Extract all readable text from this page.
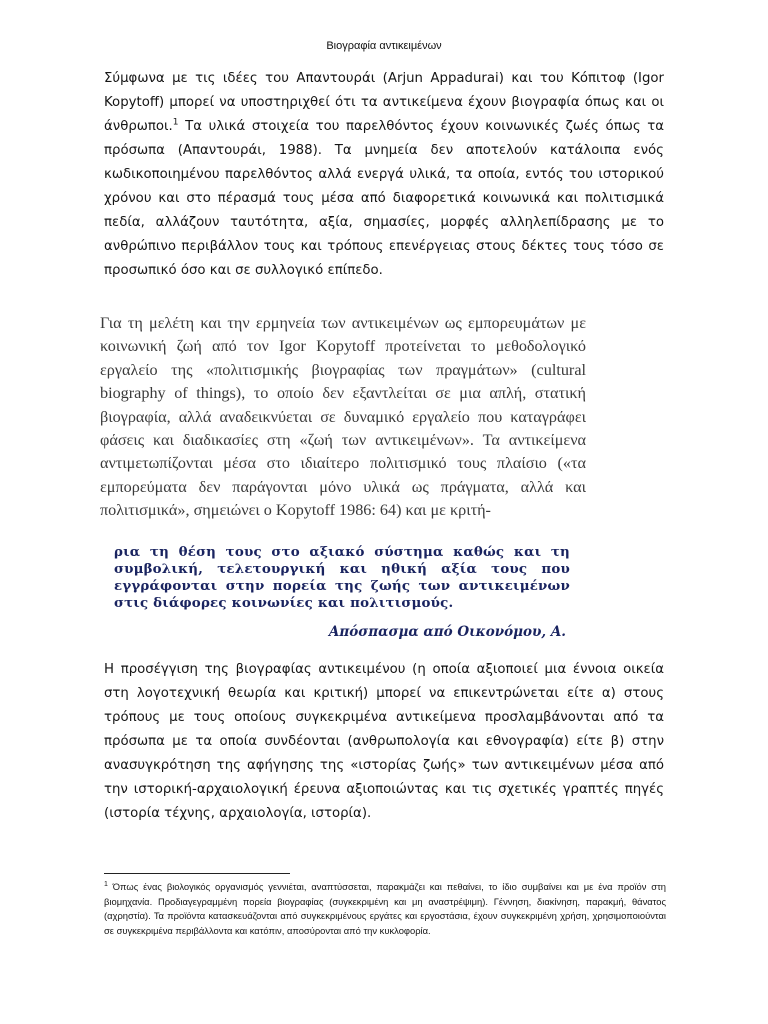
Βιογραφία αντικειμένων

Σύμφωνα με τις ιδέες του Απαντουράι (Arjun Appadurai) και του Κόπιτοφ (Igor Kopytoff) μπορεί να υποστηριχθεί ότι τα αντικείμενα έχουν βιογραφία όπως και οι άνθρωποι.$^1$ Τα υλικά στοιχεία του παρελθόντος έχουν κοινωνικές ζωές όπως τα πρόσωπα (Απαντουράι, 1988). Τα μνημεία δεν αποτελούν κατάλοιπα ενός κωδικοποιημένου παρελθόντος αλλά ενεργά υλικά, τα οποία, εντός του ιστορικού χρόνου και στο πέρασμά τους μέσα από διαφορετικά κοινωνικά και πολιτισμικά πεδία, αλλάζουν ταυτότητα, αξία, σημασίες, μορφές αλληλεπίδρασης με το ανθρώπινο περιβάλλον τους και τρόπους επενέργειας στους δέκτες τους τόσο σε προσωπικό όσο και σε συλλογικό επίπεδο.

Για τη μελέτη και την ερμηνεία των αντικειμένων ως εμπορευμάτων με κοινωνική ζωή από τον Igor Kopytoff προτείνεται το μεθοδολογικό εργαλείο της «πολιτισμικής βιογραφίας των πραγμάτων» (cultural biography of things), το οποίο δεν εξαντλείται σε μια απλή, στατική βιογραφία, αλλά αναδεικνύεται σε δυναμικό εργαλείο που καταγράφει φάσεις και διαδικασίες στη «ζωή των αντικειμένων». Τα αντικείμενα αντιμετωπίζονται μέσα στο ιδιαίτερο πολιτισμικό τους πλαίσιο («τα εμπορεύματα δεν παράγονται μόνο υλικά ως πράγματα, αλλά και πολιτισμικά», σημειώνει ο Kopytoff 1986: 64) και με κριτή-

ρια τη θέση τους στο αξιακό σύστημα καθώς και τη συμβολική, τελετουργική και ηθική αξία τους που εγγράφονται στην πορεία της ζωής των αντικειμένων στις διάφορες κοινωνίες και πολιτισμούς.

Απόσπασμα από Οικονόμου, Α.

Η προσέγγιση της βιογραφίας αντικειμένου (η οποία αξιοποιεί μια έννοια οικεία στη λογοτεχνική θεωρία και κριτική) μπορεί να επικεντρώνεται είτε α) στους τρόπους με τους οποίους συγκεκριμένα αντικείμενα προσλαμβάνονται από τα πρόσωπα με τα οποία συνδέονται (ανθρωπολογία και εθνογραφία) είτε β) στην ανασυγκρότηση της αφήγησης της «ιστορίας ζωής» των αντικειμένων μέσα από την ιστορική-αρχαιολογική έρευνα αξιοποιώντας και τις σχετικές γραπτές πηγές (ιστορία τέχνης, αρχαιολογία, ιστορία).

$^1$ Όπως ένας βιολογικός οργανισμός γεννιέται, αναπτύσσεται, παρακμάζει και πεθαίνει, το ίδιο συμβαίνει και με ένα προϊόν στη βιομηχανία. Προδιαγεγραμμένη πορεία βιογραφίας (συγκεκριμένη και μη αναστρέψιμη). Γέννηση, διακίνηση, παρακμή, θάνατος (αχρηστία). Τα προϊόντα κατασκευάζονται από συγκεκριμένους εργάτες και εργοστάσια, έχουν συγκεκριμένη χρήση, χρησιμοποιούνται σε συγκεκριμένα περιβάλλοντα και κατόπιν, αποσύρονται από την κυκλοφορία.
